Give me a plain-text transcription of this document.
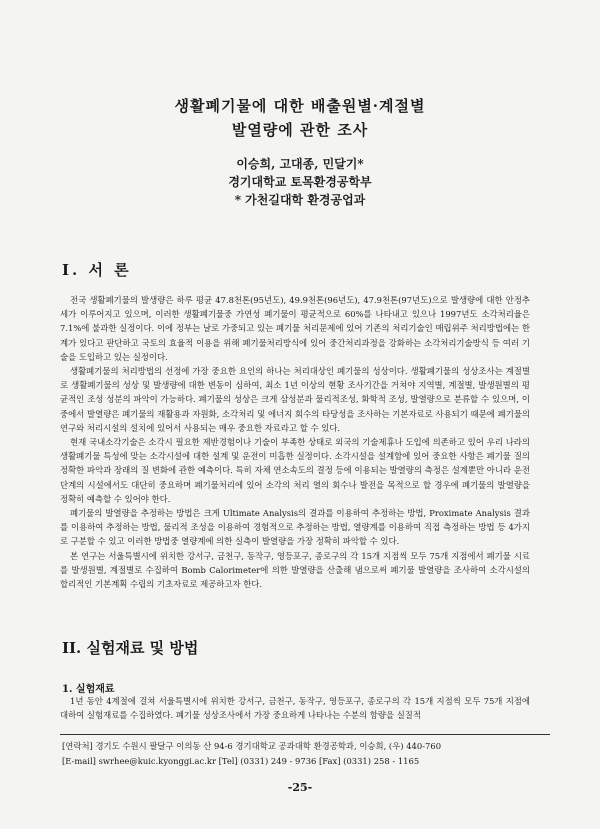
생활폐기물에 대한 배출원별·계절별
발열량에 관한 조사
이승희, 고대종, 민달기*
경기대학교 토목환경공학부
* 가천길대학 환경공업과
I. 서 론

전국 생활폐기물의 발생량은 하루 평균 47.8천톤(95년도), 49.9천톤(96년도), 47.9천톤(97년도)으로 발생량에 대한 안정추세가 이루어지고 있으며, 이러한 생활폐기물중 가연성 폐기물이 평균적으로 60%를 나타내고 있으나 1997년도 소각처리율은 7.1%에 불과한 실정이다. 이에 정부는 날로 가중되고 있는 폐기물 처리문제에 있어 기존의 처리기술인 매립위주 처리방법에는 한계가 있다고 판단하고 국토의 효율적 이용을 위해 폐기물처리방식에 있어 중간처리과정을 강화하는 소각처리기술방식 등 여러 기술을 도입하고 있는 실정이다.

생활폐기물의 처리방법의 선정에 가장 중요한 요인의 하나는 처리대상인 폐기물의 성상이다. 생활폐기물의 성상조사는 계절별로 생활폐기물의 성상 및 발생량에 대한 변동이 심하여, 최소 1년 이상의 현황 조사기간을 거쳐야 지역별, 계절별, 발생원별의 평균적인 조성 성분의 파악이 가능하다. 폐기물의 성상은 크게 삼성분과 물리적조성, 화학적 조성, 발열량으로 분류할 수 있으며, 이 중에서 발열량은 폐기물의 재활용과 자원화, 소각처리 및 에너지 회수의 타당성을 조사하는 기본자료로 사용되기 때문에 폐기물의 연구와 처리시설의 설치에 있어서 사용되는 매우 중요한 자료라고 할 수 있다.

현재 국내소각기술은 소각시 필요한 제반경험이나 기술이 부족한 상태로 외국의 기술제휴나 도입에 의존하고 있어 우리 나라의 생활폐기물 특성에 맞는 소각시설에 대한 설계 및 운전이 미흡한 실정이다. 소각시설을 설계함에 있어 중요한 사항은 폐기물 질의 정확한 파악과 장래의 질 변화에 관한 예측이다. 특히 자체 연소속도의 결정 등에 이용되는 발열량의 측정은 설계뿐만 아니라 운전단계의 시설에서도 대단히 중요하며 폐기물처리에 있어 소각의 처리 열의 회수나 발전을 목적으로 할 경우에 폐기물의 발열량을 정확히 예측할 수 있어야 한다.

폐기물의 발열량을 추정하는 방법은 크게 Ultimate Analysis의 결과를 이용하여 추정하는 방법, Proximate Analysis 결과를 이용하여 추정하는 방법, 물리적 조성을 이용하여 경험적으로 추정하는 방법, 열량계를 이용하여 직접 측정하는 방법 등 4가지로 구분할 수 있고 이러한 방법중 열량계에 의한 실측이 발열량을 가장 정확히 파악할 수 있다.

본 연구는 서울특별시에 위치한 강서구, 금천구, 동작구, 영등포구, 종로구의 각 15개 지점씩 모두 75개 지점에서 폐기물 시료를 발생원별, 계절별로 수집하여 Bomb Calorimeter에 의한 발열량을 산출해 냄으로써 폐기물 발열량을 조사하여 소각시설의 합리적인 기본계획 수립의 기초자료로 제공하고자 한다.

II. 실험재료 및 방법
1. 실험재료

1년 동안 4계절에 걸쳐 서울특별시에 위치한 강서구, 금천구, 동작구, 영등포구, 종로구의 각 15개 지점씩 모두 75개 지점에 대하여 실험재료를 수집하였다. 폐기물 성상조사에서 가장 중요하게 나타나는 수분의 함량을 실질적

[연락처] 경기도 수원시 팔달구 이의동 산 94-6 경기대학교 공과대학 환경공학과, 이승희, (우) 440-760
[E-mail] swrhee@kuic.kyonggi.ac.kr [Tel] (0331) 249 - 9736 [Fax] (0331) 258 - 1165
-25-
